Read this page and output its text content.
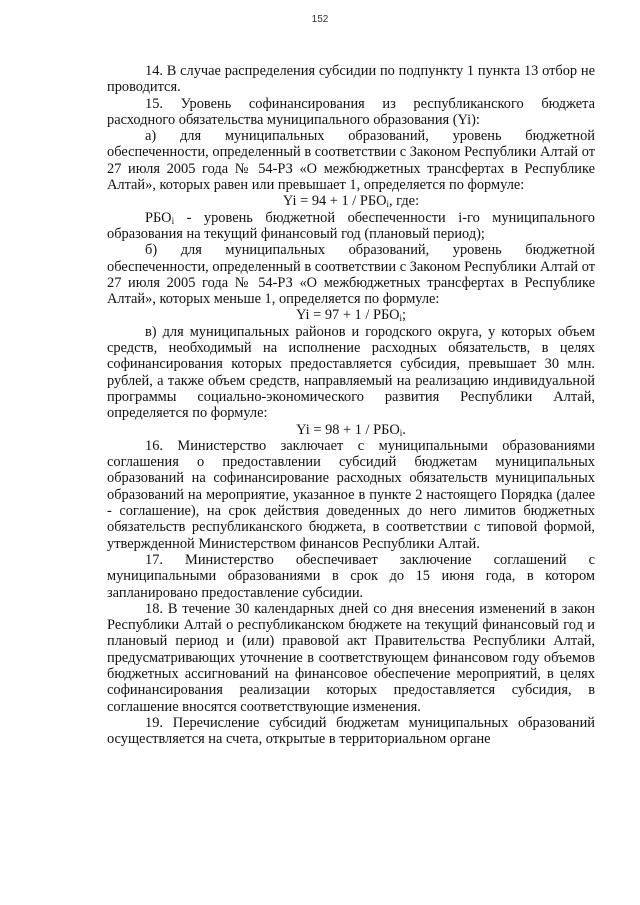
152

14. В случае распределения субсидии по подпункту 1 пункта 13 отбор не проводится.

15. Уровень софинансирования из республиканского бюджета расходного обязательства муниципального образования (Yi):

а) для муниципальных образований, уровень бюджетной обеспеченности, определенный в соответствии с Законом Республики Алтай от 27 июля 2005 года № 54-РЗ «О межбюджетных трансфертах в Республике Алтай», которых равен или превышает 1, определяется по формуле:

$Yi = 94 + 1 / РБО_i$, где:

$РБО_i$ - уровень бюджетной обеспеченности i-го муниципального образования на текущий финансовый год (плановый период);

б) для муниципальных образований, уровень бюджетной обеспеченности, определенный в соответствии с Законом Республики Алтай от 27 июля 2005 года № 54-РЗ «О межбюджетных трансфертах в Республике Алтай», которых меньше 1, определяется по формуле:

$Yi = 97 + 1 / РБО_i$;

в) для муниципальных районов и городского округа, у которых объем средств, необходимый на исполнение расходных обязательств, в целях софинансирования которых предоставляется субсидия, превышает 30 млн. рублей, а также объем средств, направляемый на реализацию индивидуальной программы социально-экономического развития Республики Алтай, определяется по формуле:

$Yi = 98 + 1 / РБО_i$.

16. Министерство заключает с муниципальными образованиями соглашения о предоставлении субсидий бюджетам муниципальных образований на софинансирование расходных обязательств муниципальных образований на мероприятие, указанное в пункте 2 настоящего Порядка (далее - соглашение), на срок действия доведенных до него лимитов бюджетных обязательств республиканского бюджета, в соответствии с типовой формой, утвержденной Министерством финансов Республики Алтай.

17. Министерство обеспечивает заключение соглашений с муниципальными образованиями в срок до 15 июня года, в котором запланировано предоставление субсидии.

18. В течение 30 календарных дней со дня внесения изменений в закон Республики Алтай о республиканском бюджете на текущий финансовый год и плановый период и (или) правовой акт Правительства Республики Алтай, предусматривающих уточнение в соответствующем финансовом году объемов бюджетных ассигнований на финансовое обеспечение мероприятий, в целях софинансирования реализации которых предоставляется субсидия, в соглашение вносятся соответствующие изменения.

19. Перечисление субсидий бюджетам муниципальных образований осуществляется на счета, открытые в территориальном органе
